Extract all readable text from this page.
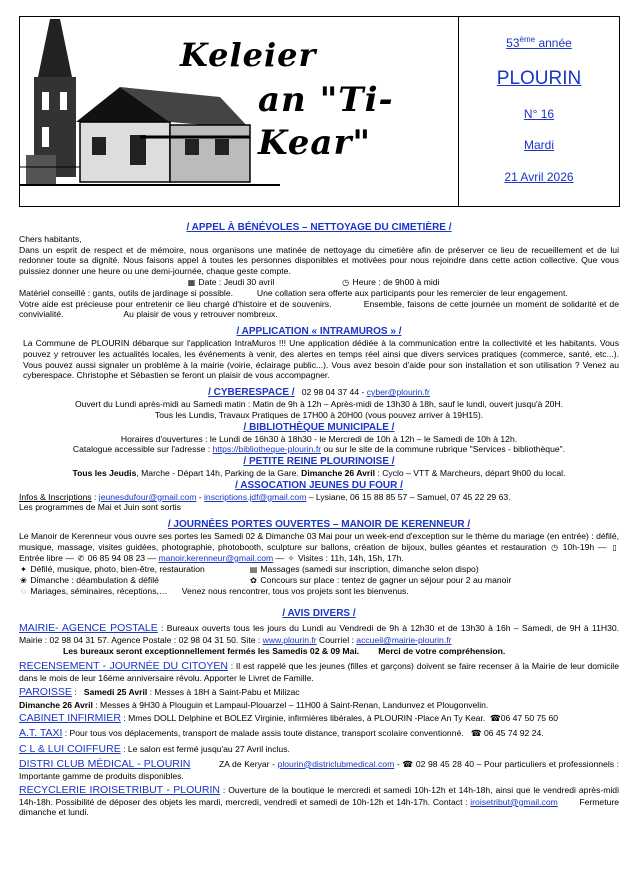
Keleier
an "Ti-Kear"
53ème année
PLOURIN
N° 16
Mardi
21 Avril 2026
/ APPEL À BÉNÉVOLES – NETTOYAGE DU CIMETIÈRE /

Chers habitants,

Dans un esprit de respect et de mémoire, nous organisons une matinée de nettoyage du cimetière afin de préserver ce lieu de recueillement et de lui redonner toute sa dignité. Nous faisons appel à toutes les personnes disponibles et motivées pour nous rejoindre dans cette action collective. Que vous puissiez donner une heure ou une demi-journée, chaque geste compte.

▦ Date : Jeudi 30 avril	◷ Heure : de 9h00 à midi

Matériel conseillé : gants, outils de jardinage si possible.	Une collation sera offerte aux participants pour les remercier de leur engagement.

Votre aide est précieuse pour entretenir ce lieu chargé d'histoire et de souvenirs.	Ensemble, faisons de cette journée un moment de solidarité et de convivialité.	Au plaisir de vous y retrouver nombreux.

/ APPLICATION « INTRAMUROS » /

La Commune de PLOURIN débarque sur l'application IntraMuros !!! Une application dédiée à la communication entre la collectivité et les habitants. Vous pouvez y retrouver les actualités locales, les événements à venir, des alertes en temps réel ainsi que divers services pratiques (commerce, santé, etc...). Vous pouvez aussi signaler un problème à la mairie (voirie, éclairage public...). Vous avez besoin d'aide pour son installation et son utilisation ? Venez au cyberespace. Christophe et Sébastien se feront un plaisir de vous accompagner.

/ CYBERESPACE / 02 98 04 37 44 - cyber@plourin.fr

Ouvert du Lundi après-midi au Samedi matin : Matin de 9h à 12h – Après-midi de 13h30 à 18h, sauf le lundi, ouvert jusqu'à 20H.

Tous les Lundis, Travaux Pratiques de 17H00 à 20H00 (vous pouvez arriver à 19H15).

/ BIBLIOTHÈQUE MUNICIPALE /

Horaires d'ouvertures : le Lundi de 16h30 à 18h30 - le Mercredi de 10h à 12h – le Samedi de 10h à 12h.

Catalogue accessible sur l'adresse : https://bibliotheque-plourin.fr ou sur le site de la commune rubrique "Services - bibliothèque".

/ PETITE REINE PLOURINOISE /

Tous les Jeudis, Marche - Départ 14h, Parking de la Gare. Dimanche 26 Avril : Cyclo – VTT & Marcheurs, départ 9h00 du local.

/ ASSOCATION JEUNES DU FOUR /

Infos & Inscriptions : jeunesdufour@gmail.com - inscriptions.jdf@gmail.com – Lysiane, 06 15 88 85 57 – Samuel, 07 45 22 29 63.

Les programmes de Mai et Juin sont sortis

/ JOURNÉES PORTES OUVERTES – MANOIR DE KERENNEUR /

Le Manoir de Kerenneur vous ouvre ses portes les Samedi 02 & Dimanche 03 Mai pour un week-end d'exception sur le thème du mariage (en entrée) : défilé, musique, massage, visites guidées, photographie, photobooth, sculpture sur ballons, création de bijoux, bulles géantes et restauration ◷ 10h-19h — ▯ Entrée libre — ✆ 06 85 94 08 23 — manoir.kerenneur@gmail.com — ✧ Visites : 11h, 14h, 15h, 17h.

✦ Défilé, musique, photo, bien-être, restauration	▤ Massages (samedi sur inscription, dimanche selon dispo)
❀ Dimanche : déambulation & défilé	✿ Concours sur place : tentez de gagner un séjour pour 2 au manoir
◌ Mariages, séminaires, réceptions,… Venez nous rencontrer, tous vos projets sont les bienvenus.
/ AVIS DIVERS /

MAIRIE- AGENCE POSTALE : Bureaux ouverts tous les jours du Lundi au Vendredi de 9h à 12h30 et de 13h30 à 16h – Samedi, de 9H à 11H30. Mairie : 02 98 04 31 57. Agence Postale : 02 98 04 31 50. Site : www.plourin.fr Courriel : accueil@mairie-plourin.fr

Les bureaux seront exceptionnellement fermés les Samedis 02 & 09 Mai. Merci de votre compréhension.

RECENSEMENT - JOURNÉE DU CITOYEN : Il est rappelé que les jeunes (filles et garçons) doivent se faire recenser à la Mairie de leur domicile dans le mois de leur 16ème anniversaire révolu. Apporter le Livret de Famille.

PAROISSE : Samedi 25 Avril : Messes à 18H à Saint-Pabu et Milizac

Dimanche 26 Avril : Messes à 9H30 à Plouguin et Lampaul-Plouarzel – 11H00 à Saint-Renan, Landunvez et Plougonvelin.

CABINET INFIRMIER : Mmes DOLL Delphine et BOLEZ Virginie, infirmières libérales, à PLOURIN -Place An Ty Kear. ☎06 47 50 75 60

A.T. TAXI : Pour tous vos déplacements, transport de malade assis toute distance, transport scolaire conventionné. ☎ 06 45 74 92 24.

C L & LUI COIFFURE : Le salon est fermé jusqu'au 27 Avril inclus.

DISTRI CLUB MÉDICAL - PLOURIN	ZA de Keryar - plourin@districlubmedical.com - ☎ 02 98 45 28 40 – Pour particuliers et professionnels : Importante gamme de produits disponibles.

RECYCLERIE IROISETRIBUT - PLOURIN : Ouverture de la boutique le mercredi et samedi 10h-12h et 14h-18h, ainsi que le vendredi après-midi 14h-18h. Possibilité de déposer des objets les mardi, mercredi, vendredi et samedi de 10h-12h et 14h-17h. Contact : iroisetribut@gmail.com	Fermeture dimanche et lundi.
